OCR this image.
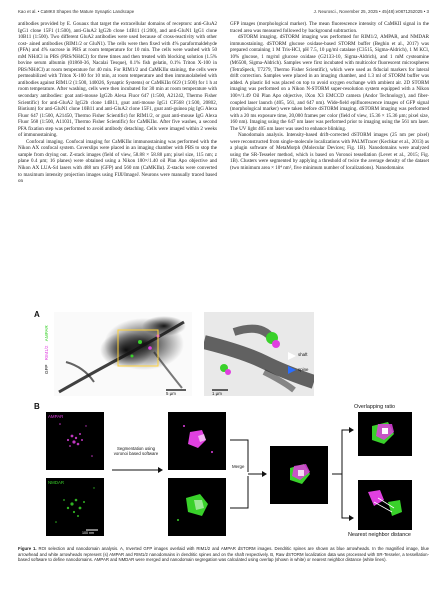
Kao et al. • CaMKII Shapes the Mature Synaptic Landscape	J. Neurosci., November 25, 2025 • 45(48):e0871252025 • 3

antibodies provided by E. Gouaux that target the extracellular domains of receptors: anti-GluA2 IgG1 clone 15F1 (1:500), anti-GluA2 IgG2b clone 14B11 (1:200), and anti-GluN1 IgG1 clone 10B11 (1:500). Two different GluA2 antibodies were used because of cross-reactivity with other cost- ained antibodies (RIM1/2 or GluN1). The cells were then fixed with 4% paraformaldehyde (PFA) and 4% sucrose in PBS at room temperature for 10 min. The cells were washed with 50 mM NH4Cl in PBS (PBS/NH4Cl) for three times and then treated with blocking solution (1.5% bovine serum albumin (01860-36, Nacalai Tesque), 0.1% fish gelatin, 0.1% Triton X-100 in PBS/NH4Cl) at room temperature for 40 min. For RIM1/2 and CaMKIIα staining, the cells were permeabilized with Triton X-100 for 10 min, at room temperature and then immunolabeled with antibodies against RIM1/2 (1:500, 140026, Synaptic Systems) or CaMKIIα 6G9 (1:500) for 1 h at room temperature. After washing, cells were then incubated for 30 min at room temperature with secondary antibodies: goat anti-mouse IgG2b Alexa Fluor 647 (1:500, A21242, Thermo Fisher Scientific) for anti-GluA2 IgG2b clone 14B11, goat anti-mouse IgG1 CF568 (1:500, 20802, Biotium) for anti-GluN1 clone 10B11 and anti-GluA2 clone 15F1, goat anti-guinea pig IgG Alexa Fluor 647 (1:500, A21450, Thermo Fisher Scientific) for RIM1/2, or goat anti-mouse IgG Alexa Fluor 568 (1:500, A11031, Thermo Fisher Scientific) for CaMKIIα. After five washes, a second PFA fixation step was performed to avoid antibody detaching. Cells were imaged within 2 weeks of immunostaining.

Confocal imaging. Confocal imaging for CaMKIIα immunostaining was performed with the Nikon AX confocal system. Coverslips were placed in an imaging chamber with PBS to stop the sample from drying out. Z-stack images (field of view, 58.88 × 58.88 µm; pixel size, 115 nm; z plane 0.4 µm; 16 planes) were obtained using a Nikon 100×/1.40 oil Plan Apo objective and Nikon AX LUA-S4 lasers with 488 nm (GFP) and 560 nm (CaMKIIα). Z-stacks were converted to maximum intensity projection images using FIJI/ImageJ. Neurons were manually traced based on

GFP images (morphological marker). The mean fluorescence intensity of CaMKII signal in the traced area was measured followed by background subtraction.

dSTORM imaging. dSTORM imaging was performed for RIM1/2, AMPAR, and NMDAR immunostaining. dSTORM glucose oxidase-based STORM buffer (Beghin et al., 2017) was prepared containing 1 M Tris-HCl, pH 7.5, 10 µg/ml catalase (C3515, Sigma-Aldrich), 1 M KCl, 10% glucose, 1 mg/ml glucose oxidase (G2133-10, Sigma-Aldrich), and 1 mM cysteamine (M6500, Sigma-Aldrich). Samples were first incubated with multicolor fluorescent microspheres (TetraSpeck, T7279, Thermo Fisher Scientific), which were used as fiducial markers for lateral drift correction. Samples were placed in an imaging chamber, and 1.3 ml of STORM buffer was added. A plastic lid was placed on top to avoid oxygen exchange with ambient air. 2D STORM imaging was performed on a Nikon N-STORM super-resolution system equipped with a Nikon 100×/1.49 Oil Plan Apo objective, iXon X3 EMCCD camera (Andor Technology), and fiber-coupled laser launch (405, 561, and 647 nm). Wide-field epifluorescence images of GFP signal (morphological marker) were taken before dSTORM imaging. dSTORM imaging was performed with a 20 ms exposure time, 20,000 frames per color (field of view, 15.36 × 15.36 µm; pixel size, 160 nm). Imaging using the 647 nm laser was performed prior to imaging using the 561 nm laser. The UV light 405 nm laser was used to enhance blinking.

Nanodomain analysis. Intensity-based drift-corrected dSTORM images (25 nm per pixel) were reconstructed from single-molecule localizations with PALMTracer (Kechkar et al., 2013) as a plugin software of MetaMorph (Molecular Devices; Fig. 1B). Nanodomains were analyzed using the SR-Tesseler method, which is based on Voronoi tessellation (Levet et al., 2015; Fig. 1B). Clusters were segmented by applying a threshold of twice the average density of the dataset (two minimum area × 10⁴ nm², five minimum number of localizations). Nanodomains

A
GFP RIM1/2 AMPAR
5 µm
shaft
spine
1 µm
B
AMPAR
NMDAR
100 nm
Segmentation using voronoi based software
Merge
Overlapping ratio
Nearest neighbor distance
Figure 1. ROI selection and nanodomain analysis. A, Inverted GFP images overlaid with RIM1/2 and AMPAR dSTORM images. Dendritic spines are shown as blue arrowheads. In the magnified image, blue arrowhead and white arrowheads represent (s) AMPAR and RIM1/2 nanodomains in dendritic spines and on the shaft respectively. B, Raw dSTORM localization data was processed with SR-Tesseler, a tessellation-based software to define nanodomains. AMPAR and NMDAR were merged and nanodomain segregation was calculated using overlap (shown in white) or nearest neighbor distance (white lines).
